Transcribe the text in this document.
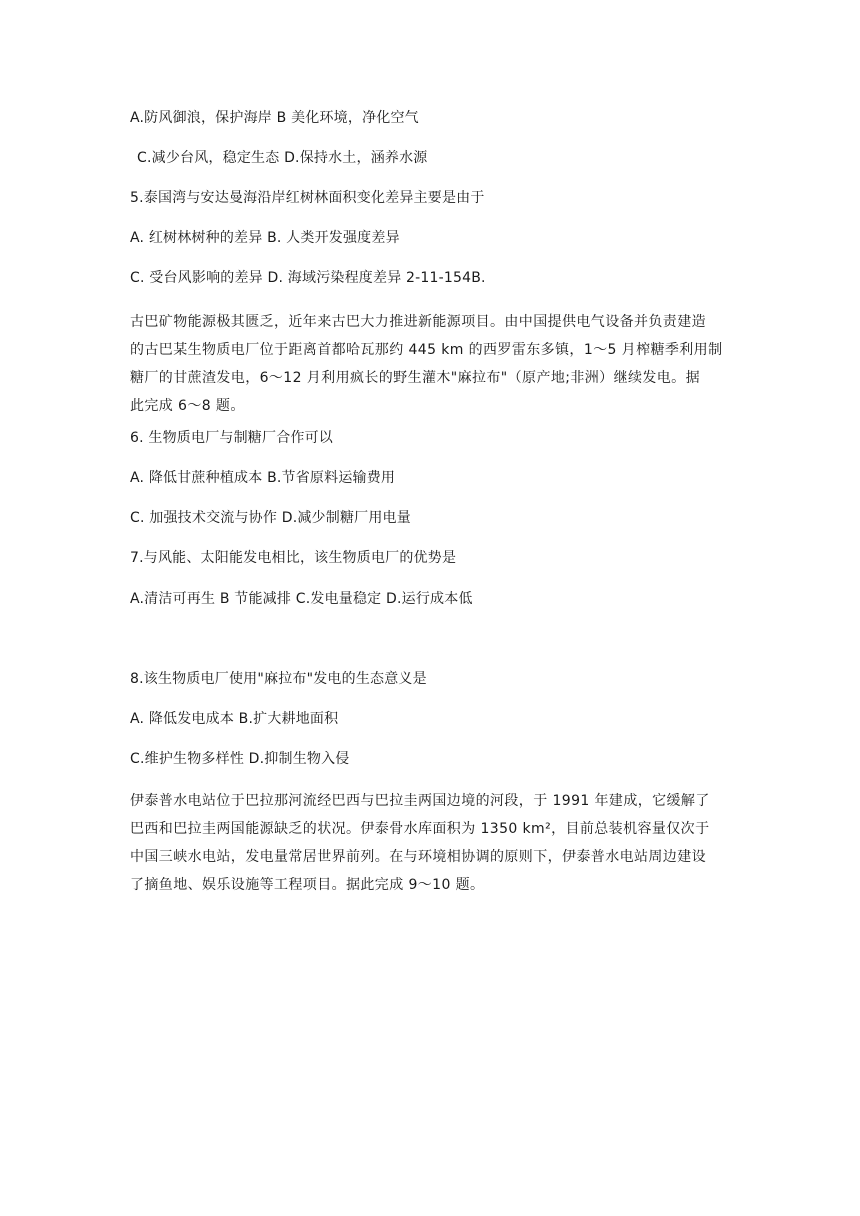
A.防风御浪，保护海岸 B 美化环境，净化空气
C.减少台风，稳定生态 D.保持水土，涵养水源
5.泰国湾与安达曼海沿岸红树林面积变化差异主要是由于
A. 红树林树种的差异 B. 人类开发强度差异
C. 受台风影响的差异 D. 海域污染程度差异 2-11-154B.
古巴矿物能源极其匮乏，近年来古巴大力推进新能源项目。由中国提供电气设备并负责建造
的古巴某生物质电厂位于距离首都哈瓦那约 445 km 的西罗雷东多镇，1～5 月榨糖季利用制
糖厂的甘蔗渣发电，6～12 月利用疯长的野生灌木"麻拉布"（原产地;非洲）继续发电。据
此完成 6～8 题。
6. 生物质电厂与制糖厂合作可以
A. 降低甘蔗种植成本 B.节省原料运输费用
C. 加强技术交流与协作 D.减少制糖厂用电量
7.与风能、太阳能发电相比，该生物质电厂的优势是
A.清洁可再生 B 节能减排 C.发电量稳定 D.运行成本低
8.该生物质电厂使用"麻拉布"发电的生态意义是
A. 降低发电成本 B.扩大耕地面积
C.维护生物多样性 D.抑制生物入侵
伊泰普水电站位于巴拉那河流经巴西与巴拉圭两国边境的河段，于 1991 年建成，它缓解了
巴西和巴拉圭两国能源缺乏的状况。伊泰骨水库面积为 1350 km²，目前总装机容量仅次于
中国三峡水电站，发电量常居世界前列。在与环境相协调的原则下，伊泰普水电站周边建设
了摘鱼地、娱乐设施等工程项目。据此完成 9～10 题。
